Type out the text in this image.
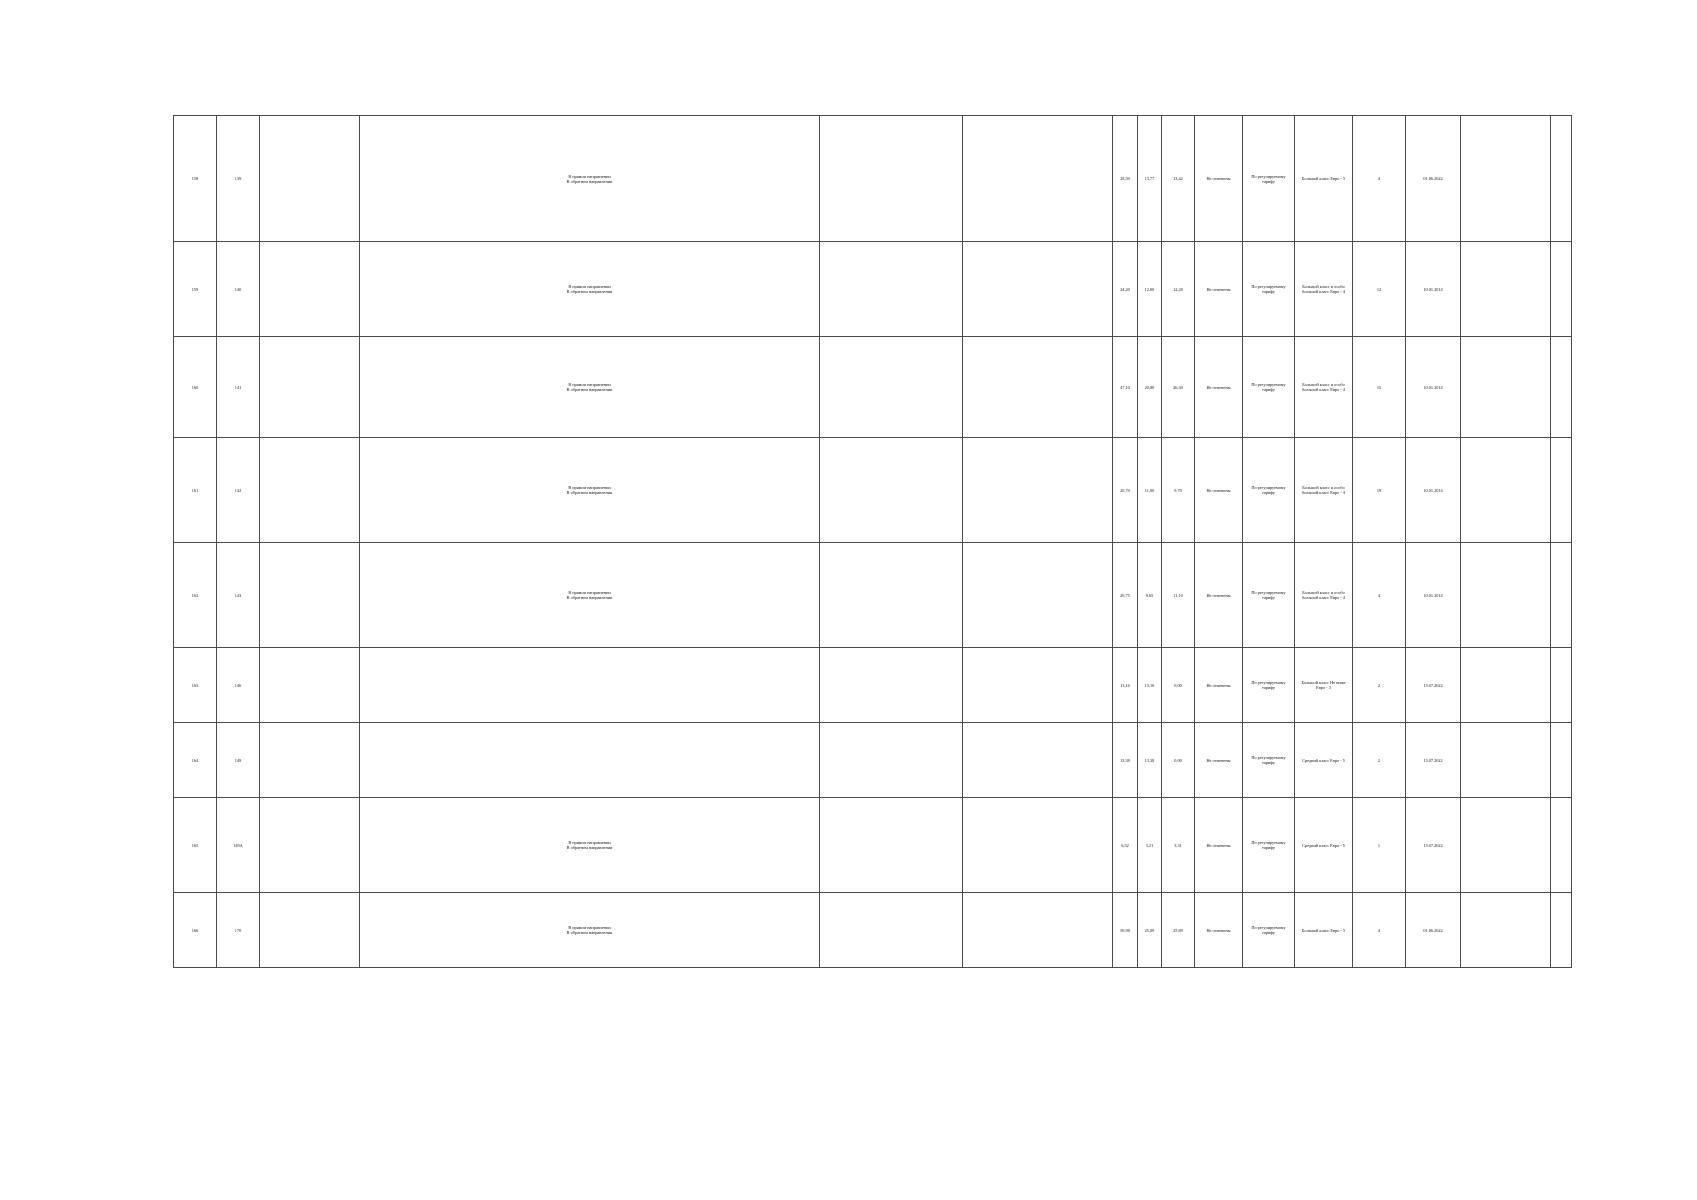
158	139		В прямом направлении
В обратном направлении			28,50	13,77	13,42	Не отменены	По регулируемому тарифу	Большой класс Евро - 5	4	01.06.2022		
159	140		В прямом направлении
В обратном направлении			24,20	12,00	12,20	Не отменены	По регулируемому тарифу	Большой класс и особо большой класс Евро - 4	12	10.01.2014		
160	141		В прямом направлении
В обратном направлении			47,10	20,80	26,30	Не отменены	По регулируемому тарифу	Большой класс и особо большой класс Евро - 4	15	10.01.2014		
161	142		В прямом направлении
В обратном направлении			20,70	11,00	9,70	Не отменены	По регулируемому тарифу	Большой класс и особо большой класс Евро - 4	19	10.01.2014		
162	143		В прямом направлении
В обратном направлении			20,75	9,65	11,10	Не отменены	По регулируемому тарифу	Большой класс и особо большой класс Евро - 4	4	10.01.2014		
163	146					13,16	13,16	0,00	Не отменены	По регулируемому тарифу	Большой класс Не ниже Евро - 3	2	13.07.2022		
164	149					13,38	13,38	0,00	Не отменены	По регулируемому тарифу	Средний класс Евро - 5	2	13.07.2022		
165	149А		В прямом направлении
В обратном направлении			6,52	3,21	3,31	Не отменены	По регулируемому тарифу	Средний класс Евро - 5	1	13.07.2022		
166	170		В прямом направлении
В обратном направлении			50,98	25,09	25,89	Не отменены	По регулируемому тарифу	Большой класс Евро - 5	4	01.06.2022		
